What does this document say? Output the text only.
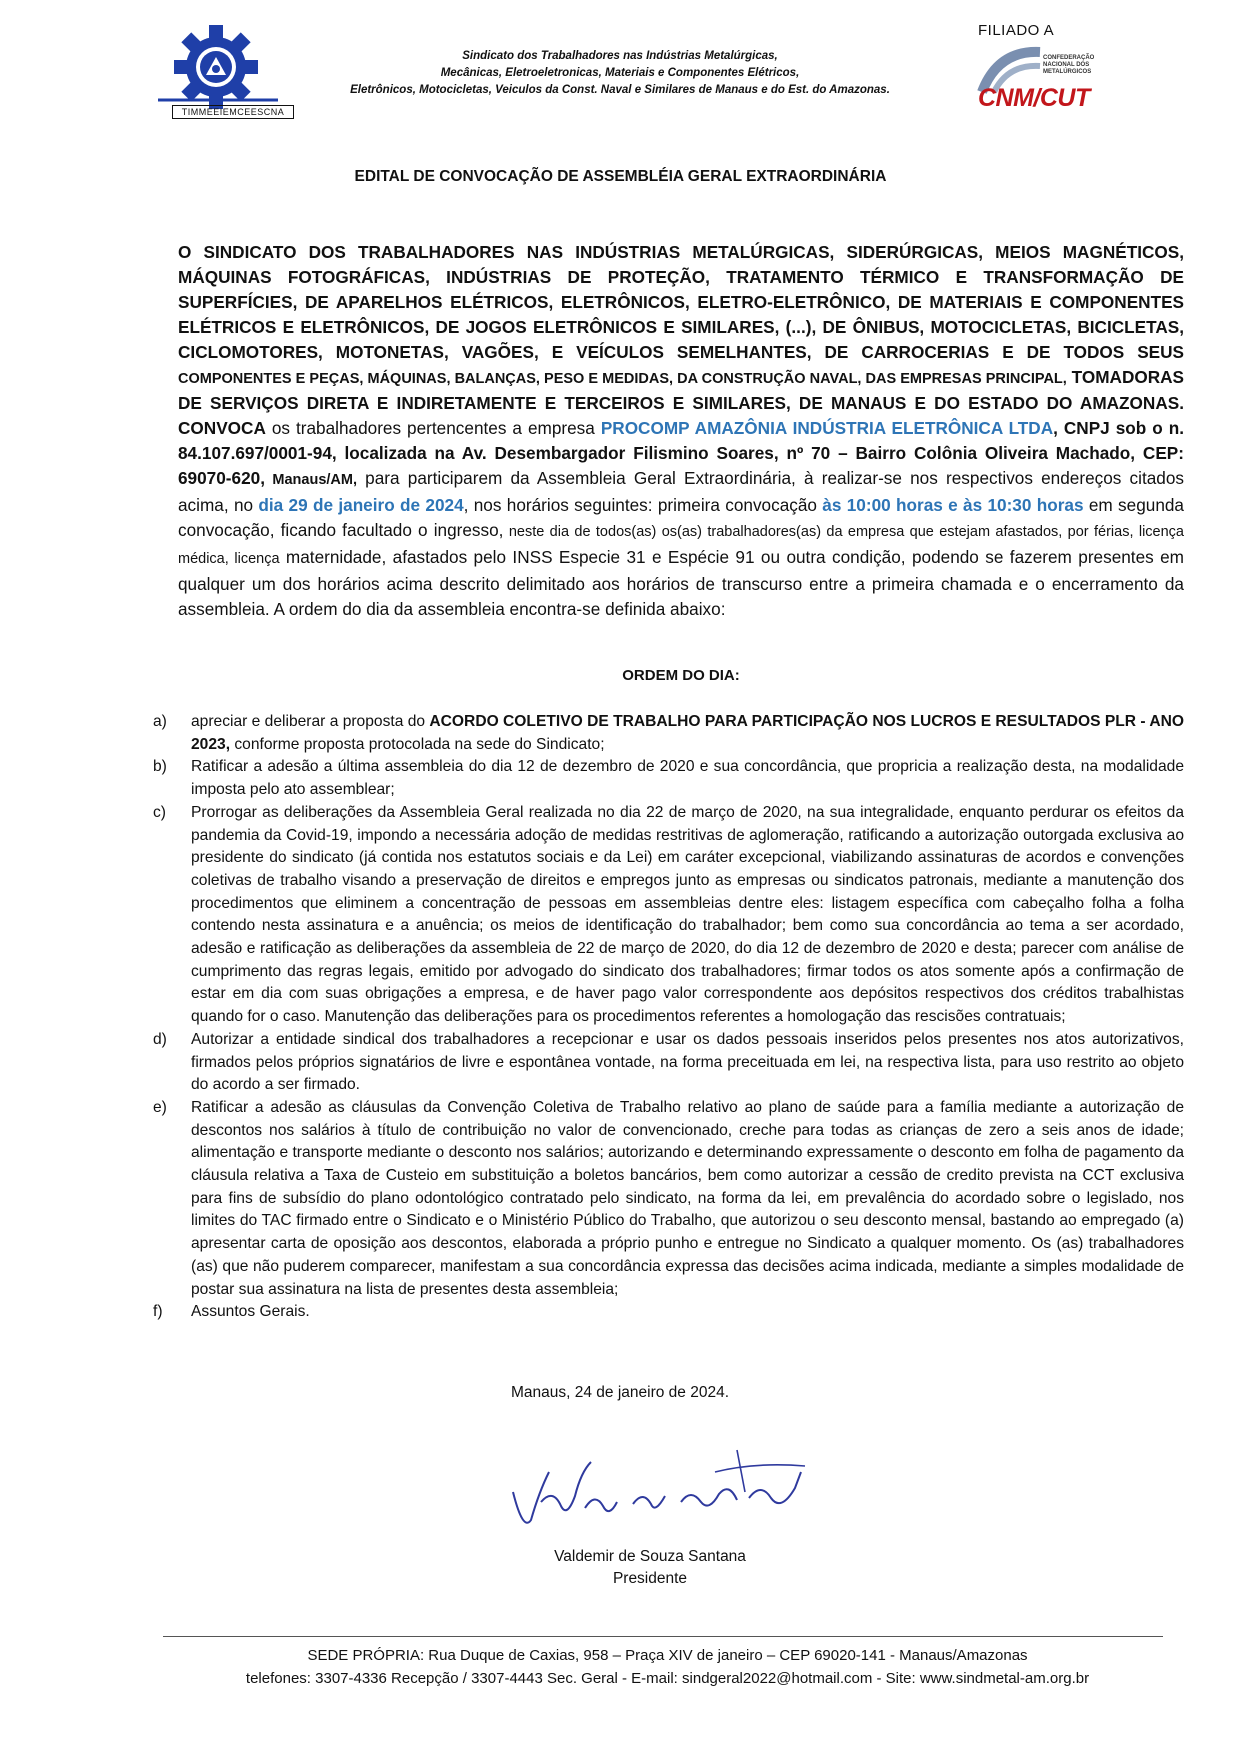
TIMMEEIEMCEESCNA
Sindicato dos Trabalhadores nas Indústrias Metalúrgicas,
Mecânicas, Eletroeletronicas, Materiais e Componentes Elétricos,
Eletrônicos, Motocicletas, Veiculos da Const. Naval e Similares de Manaus e do Est. do Amazonas.
FILIADO A
CONFEDERAÇÃO NACIONAL DOS METALÚRGICOS
CNM/CUT
EDITAL DE CONVOCAÇÃO DE ASSEMBLÉIA GERAL EXTRAORDINÁRIA
O SINDICATO DOS TRABALHADORES NAS INDÚSTRIAS METALÚRGICAS, SIDERÚRGICAS, MEIOS MAGNÉTICOS, MÁQUINAS FOTOGRÁFICAS, INDÚSTRIAS DE PROTEÇÃO, TRATAMENTO TÉRMICO E TRANSFORMAÇÃO DE SUPERFÍCIES, DE APARELHOS ELÉTRICOS, ELETRÔNICOS, ELETRO-ELETRÔNICO, DE MATERIAIS E COMPONENTES ELÉTRICOS E ELETRÔNICOS, DE JOGOS ELETRÔNICOS E SIMILARES, (...), DE ÔNIBUS, MOTOCICLETAS, BICICLETAS, CICLOMOTORES, MOTONETAS, VAGÕES, E VEÍCULOS SEMELHANTES, DE CARROCERIAS E DE TODOS SEUS COMPONENTES E PEÇAS, MÁQUINAS, BALANÇAS, PESO E MEDIDAS, DA CONSTRUÇÃO NAVAL, DAS EMPRESAS PRINCIPAL, TOMADORAS DE SERVIÇOS DIRETA E INDIRETAMENTE E TERCEIROS E SIMILARES, DE MANAUS E DO ESTADO DO AMAZONAS. CONVOCA os trabalhadores pertencentes a empresa PROCOMP AMAZÔNIA INDÚSTRIA ELETRÔNICA LTDA, CNPJ sob o n. 84.107.697/0001-94, localizada na Av. Desembargador Filismino Soares, nº 70 – Bairro Colônia Oliveira Machado, CEP: 69070-620, Manaus/AM, para participarem da Assembleia Geral Extraordinária, à realizar-se nos respectivos endereços citados acima, no dia 29 de janeiro de 2024, nos horários seguintes: primeira convocação às 10:00 horas e às 10:30 horas em segunda convocação, ficando facultado o ingresso, neste dia de todos(as) os(as) trabalhadores(as) da empresa que estejam afastados, por férias, licença médica, licença maternidade, afastados pelo INSS Especie 31 e Espécie 91 ou outra condição, podendo se fazerem presentes em qualquer um dos horários acima descrito delimitado aos horários de transcurso entre a primeira chamada e o encerramento da assembleia. A ordem do dia da assembleia encontra-se definida abaixo:
ORDEM DO DIA:
a) apreciar e deliberar a proposta do ACORDO COLETIVO DE TRABALHO PARA PARTICIPAÇÃO NOS LUCROS E RESULTADOS PLR - ANO 2023, conforme proposta protocolada na sede do Sindicato;
b) Ratificar a adesão a última assembleia do dia 12 de dezembro de 2020 e sua concordância, que propricia a realização desta, na modalidade imposta pelo ato assemblear;
c) Prorrogar as deliberações da Assembleia Geral realizada no dia 22 de março de 2020, na sua integralidade, enquanto perdurar os efeitos da pandemia da Covid-19, impondo a necessária adoção de medidas restritivas de aglomeração, ratificando a autorização outorgada exclusiva ao presidente do sindicato (já contida nos estatutos sociais e da Lei) em caráter excepcional, viabilizando assinaturas de acordos e convenções coletivas de trabalho visando a preservação de direitos e empregos junto as empresas ou sindicatos patronais, mediante a manutenção dos procedimentos que eliminem a concentração de pessoas em assembleias dentre eles: listagem específica com cabeçalho folha a folha contendo nesta assinatura e a anuência; os meios de identificação do trabalhador; bem como sua concordância ao tema a ser acordado, adesão e ratificação as deliberações da assembleia de 22 de março de 2020, do dia 12 de dezembro de 2020 e desta; parecer com análise de cumprimento das regras legais, emitido por advogado do sindicato dos trabalhadores; firmar todos os atos somente após a confirmação de estar em dia com suas obrigações a empresa, e de haver pago valor correspondente aos depósitos respectivos dos créditos trabalhistas quando for o caso. Manutenção das deliberações para os procedimentos referentes a homologação das rescisões contratuais;
d) Autorizar a entidade sindical dos trabalhadores a recepcionar e usar os dados pessoais inseridos pelos presentes nos atos autorizativos, firmados pelos próprios signatários de livre e espontânea vontade, na forma preceituada em lei, na respectiva lista, para uso restrito ao objeto do acordo a ser firmado.
e) Ratificar a adesão as cláusulas da Convenção Coletiva de Trabalho relativo ao plano de saúde para a família mediante a autorização de descontos nos salários à título de contribuição no valor de convencionado, creche para todas as crianças de zero a seis anos de idade; alimentação e transporte mediante o desconto nos salários; autorizando e determinando expressamente o desconto em folha de pagamento da cláusula relativa a Taxa de Custeio em substituição a boletos bancários, bem como autorizar a cessão de credito prevista na CCT exclusiva para fins de subsídio do plano odontológico contratado pelo sindicato, na forma da lei, em prevalência do acordado sobre o legislado, nos limites do TAC firmado entre o Sindicato e o Ministério Público do Trabalho, que autorizou o seu desconto mensal, bastando ao empregado (a) apresentar carta de oposição aos descontos, elaborada a próprio punho e entregue no Sindicato a qualquer momento. Os (as) trabalhadores (as) que não puderem comparecer, manifestam a sua concordância expressa das decisões acima indicada, mediante a simples modalidade de postar sua assinatura na lista de presentes desta assembleia;
f) Assuntos Gerais.
Manaus, 24 de janeiro de 2024.
Valdemir de Souza Santana
Presidente
SEDE PRÓPRIA: Rua Duque de Caxias, 958 – Praça XIV de janeiro – CEP 69020-141 - Manaus/Amazonas
telefones: 3307-4336 Recepção / 3307-4443 Sec. Geral - E-mail: sindgeral2022@hotmail.com - Site: www.sindmetal-am.org.br
